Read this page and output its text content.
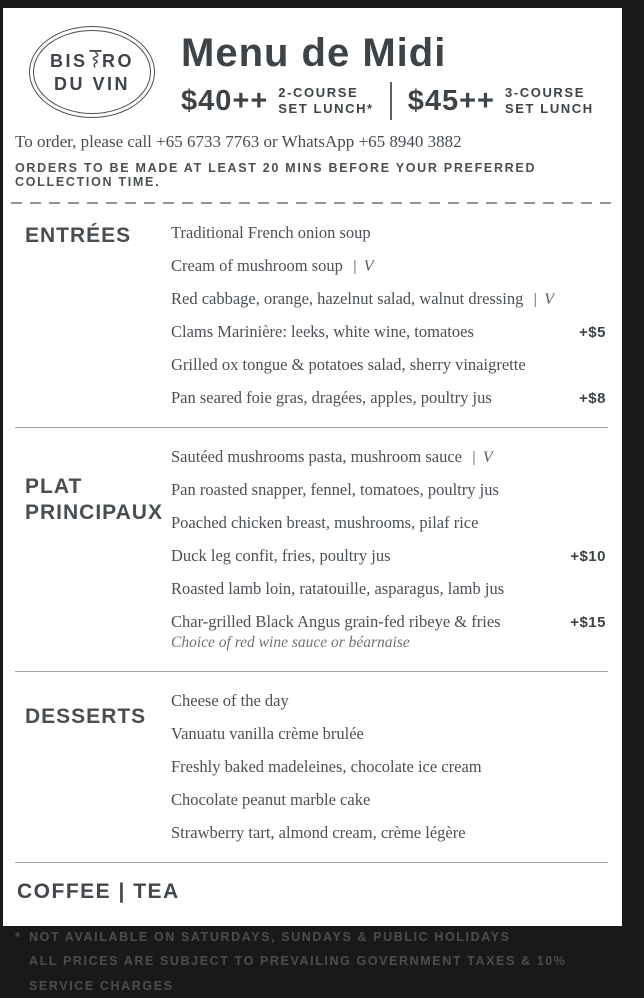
BIS RO
DU VIN
Menu de Midi
$40++ 2-COURSE
SET LUNCH* $45++ 3-COURSE
SET LUNCH
To order, please call +65 6733 7763 or WhatsApp +65 8940 3882
ORDERS TO BE MADE AT LEAST 20 MINS BEFORE YOUR PREFERRED COLLECTION TIME.
ENTRÉES	Traditional French onion soup
Cream of mushroom soup | V
Red cabbage, orange, hazelnut salad, walnut dressing | V
Clams Marinière: leeks, white wine, tomatoes	+$5
Grilled ox tongue & potatoes salad, sherry vinaigrette
Pan seared foie gras, dragées, apples, poultry jus	+$8
PLAT PRINCIPAUX
Sautéed mushrooms pasta, mushroom sauce | V
Pan roasted snapper, fennel, tomatoes, poultry jus
Poached chicken breast, mushrooms, pilaf rice
Duck leg confit, fries, poultry jus	+$10
Roasted lamb loin, ratatouille, asparagus, lamb jus
Char-grilled Black Angus grain-fed ribeye & fries	+$15
Choice of red wine sauce or béarnaise
DESSERTS
Cheese of the day
Vanuatu vanilla crème brulée
Freshly baked madeleines, chocolate ice cream
Chocolate peanut marble cake
Strawberry tart, almond cream, crème légère
COFFEE | TEA
* NOT AVAILABLE ON SATURDAYS, SUNDAYS & PUBLIC HOLIDAYS
ALL PRICES ARE SUBJECT TO PREVAILING GOVERNMENT TAXES & 10% SERVICE CHARGES
